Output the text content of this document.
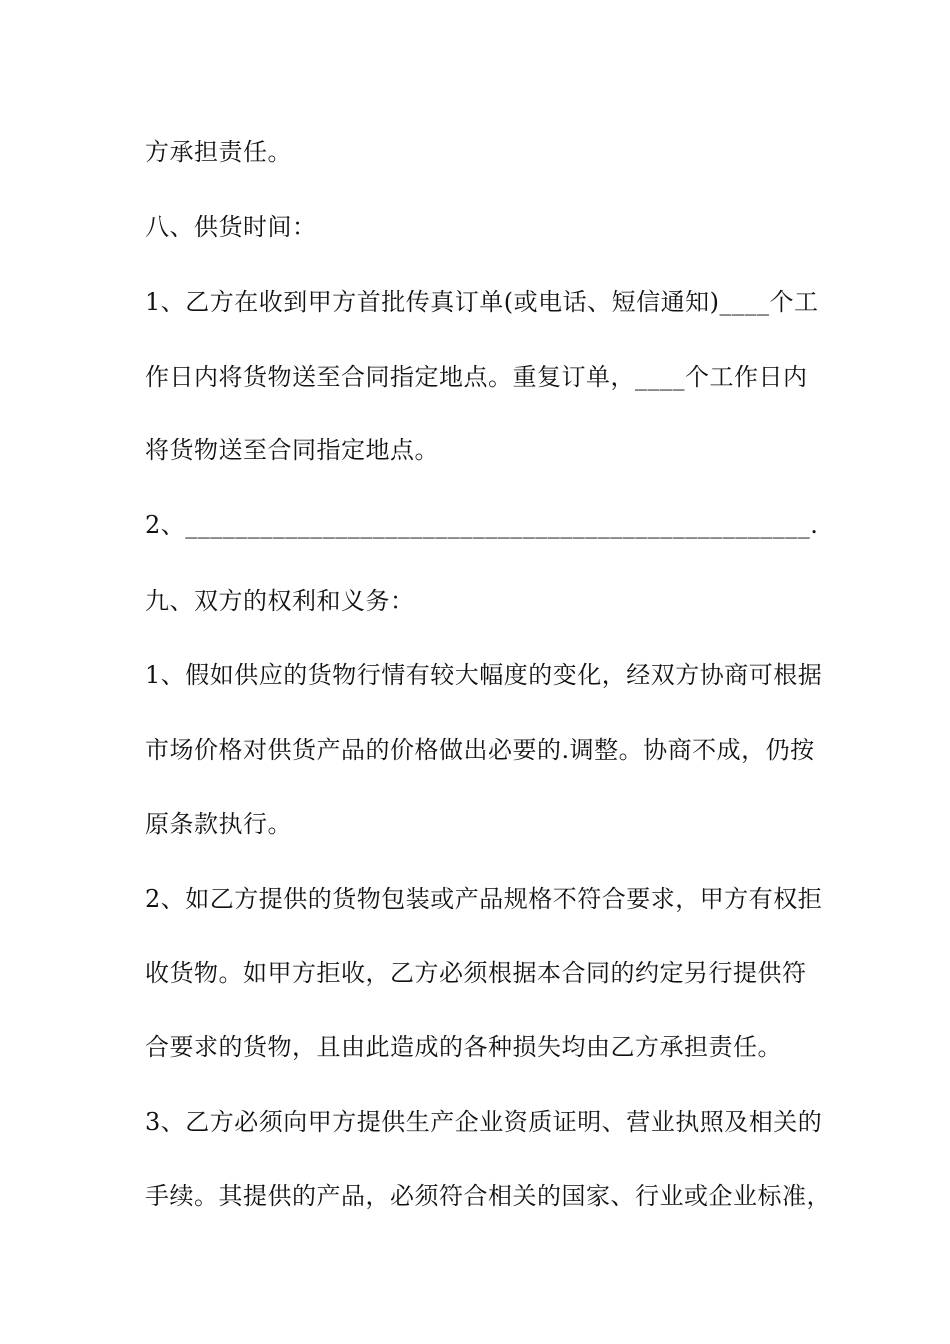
方承担责任。
八、供货时间：
1、乙方在收到甲方首批传真订单(或电话、短信通知)____个工
作日内将货物送至合同指定地点。重复订单，____个工作日内
将货物送至合同指定地点。
2、__________________________________________________.
九、双方的权利和义务：
1、假如供应的货物行情有较大幅度的变化，经双方协商可根据
市场价格对供货产品的价格做出必要的.调整。协商不成，仍按
原条款执行。
2、如乙方提供的货物包装或产品规格不符合要求，甲方有权拒
收货物。如甲方拒收，乙方必须根据本合同的约定另行提供符
合要求的货物，且由此造成的各种损失均由乙方承担责任。
3、乙方必须向甲方提供生产企业资质证明、营业执照及相关的
手续。其提供的产品，必须符合相关的国家、行业或企业标准，
